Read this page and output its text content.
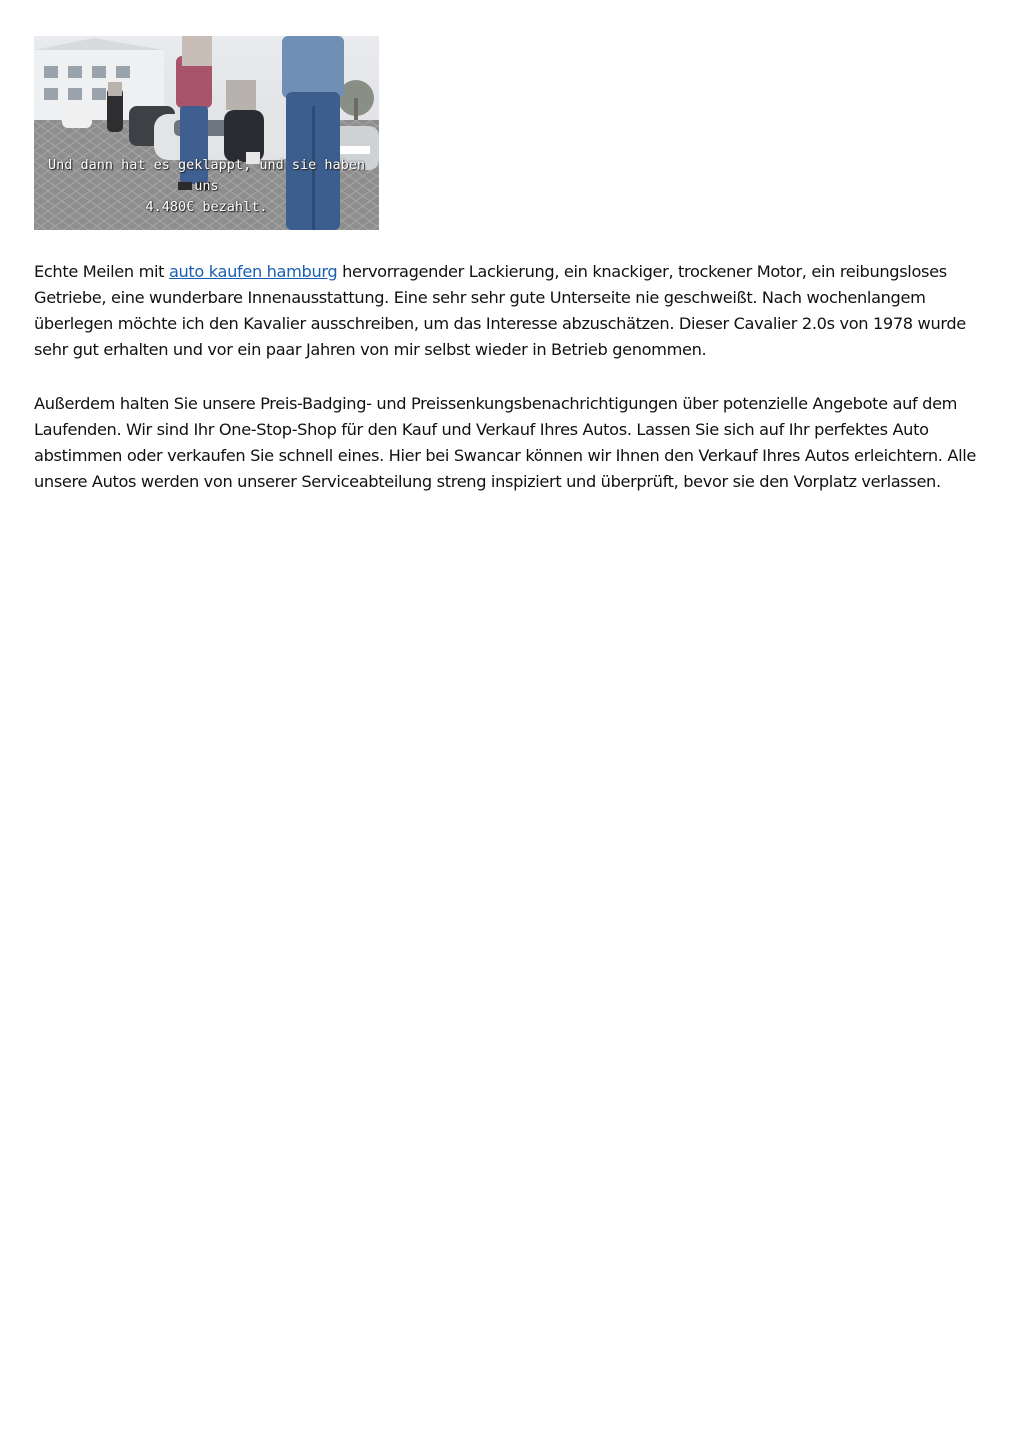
Und dann hat es geklappt, und sie haben uns
4.480€ bezahlt.

Echte Meilen mit auto kaufen hamburg hervorragender Lackierung, ein knackiger, trockener Motor, ein reibungsloses Getriebe, eine wunderbare Innenausstattung. Eine sehr sehr gute Unterseite nie geschweißt. Nach wochenlangem überlegen möchte ich den Kavalier ausschreiben, um das Interesse abzuschätzen. Dieser Cavalier 2.0s von 1978 wurde sehr gut erhalten und vor ein paar Jahren von mir selbst wieder in Betrieb genommen.

Außerdem halten Sie unsere Preis-Badging- und Preissenkungsbenachrichtigungen über potenzielle Angebote auf dem Laufenden. Wir sind Ihr One-Stop-Shop für den Kauf und Verkauf Ihres Autos. Lassen Sie sich auf Ihr perfektes Auto abstimmen oder verkaufen Sie schnell eines. Hier bei Swancar können wir Ihnen den Verkauf Ihres Autos erleichtern. Alle unsere Autos werden von unserer Serviceabteilung streng inspiziert und überprüft, bevor sie den Vorplatz verlassen.
